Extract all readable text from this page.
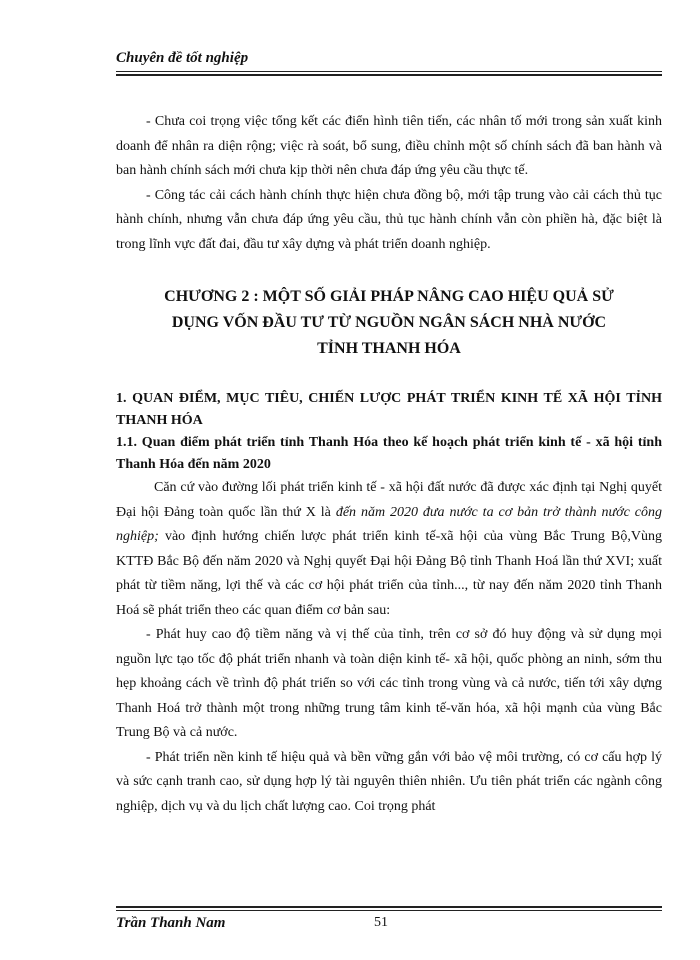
Chuyên đề tốt nghiệp

- Chưa coi trọng việc tổng kết các điển hình tiên tiến, các nhân tố mới trong sản xuất kinh doanh để nhân ra diện rộng; việc rà soát, bổ sung, điều chỉnh một số chính sách đã ban hành và ban hành chính sách mới chưa kịp thời nên chưa đáp ứng yêu cầu thực tế.

- Công tác cải cách hành chính thực hiện chưa đồng bộ, mới tập trung vào cải cách thủ tục hành chính, nhưng vẫn chưa đáp ứng yêu cầu, thủ tục hành chính vẫn còn phiền hà, đặc biệt là trong lĩnh vực đất đai, đầu tư xây dựng và phát triển doanh nghiệp.

CHƯƠNG 2 : MỘT SỐ GIẢI PHÁP NÂNG CAO HIỆU QUẢ SỬ
DỤNG VỐN ĐẦU TƯ TỪ NGUỒN NGÂN SÁCH NHÀ NƯỚC
TỈNH THANH HÓA

1. QUAN ĐIỂM, MỤC TIÊU, CHIẾN LƯỢC PHÁT TRIỂN KINH TẾ XÃ HỘI TỈNH THANH HÓA

1.1. Quan điểm phát triển tỉnh Thanh Hóa theo kế hoạch phát triển kinh tế - xã hội tỉnh Thanh Hóa đến năm 2020

Căn cứ vào đường lối phát triển kinh tế - xã hội đất nước đã được xác định tại Nghị quyết Đại hội Đảng toàn quốc lần thứ X là đến năm 2020 đưa nước ta cơ bản trở thành nước công nghiệp; vào định hướng chiến lược phát triển kinh tế-xã hội của vùng Bắc Trung Bộ,Vùng KTTĐ Bắc Bộ đến năm 2020 và Nghị quyết Đại hội Đảng Bộ tỉnh Thanh Hoá lần thứ XVI; xuất phát từ tiềm năng, lợi thế và các cơ hội phát triển của tỉnh..., từ nay đến năm 2020 tỉnh Thanh Hoá sẽ phát triển theo các quan điểm cơ bản sau:

- Phát huy cao độ tiềm năng và vị thế của tỉnh, trên cơ sở đó huy động và sử dụng mọi nguồn lực tạo tốc độ phát triển nhanh và toàn diện kinh tế- xã hội, quốc phòng an ninh, sớm thu hẹp khoảng cách về trình độ phát triển so với các tỉnh trong vùng và cả nước, tiến tới xây dựng Thanh Hoá trở thành một trong những trung tâm kinh tế-văn hóa, xã hội mạnh của vùng Bắc Trung Bộ và cả nước.

- Phát triển nền kinh tế hiệu quả và bền vững gắn với bảo vệ môi trường, có cơ cấu hợp lý và sức cạnh tranh cao, sử dụng hợp lý tài nguyên thiên nhiên. Ưu tiên phát triển các ngành công nghiệp, dịch vụ và du lịch chất lượng cao. Coi trọng phát

Trần Thanh Nam	51
